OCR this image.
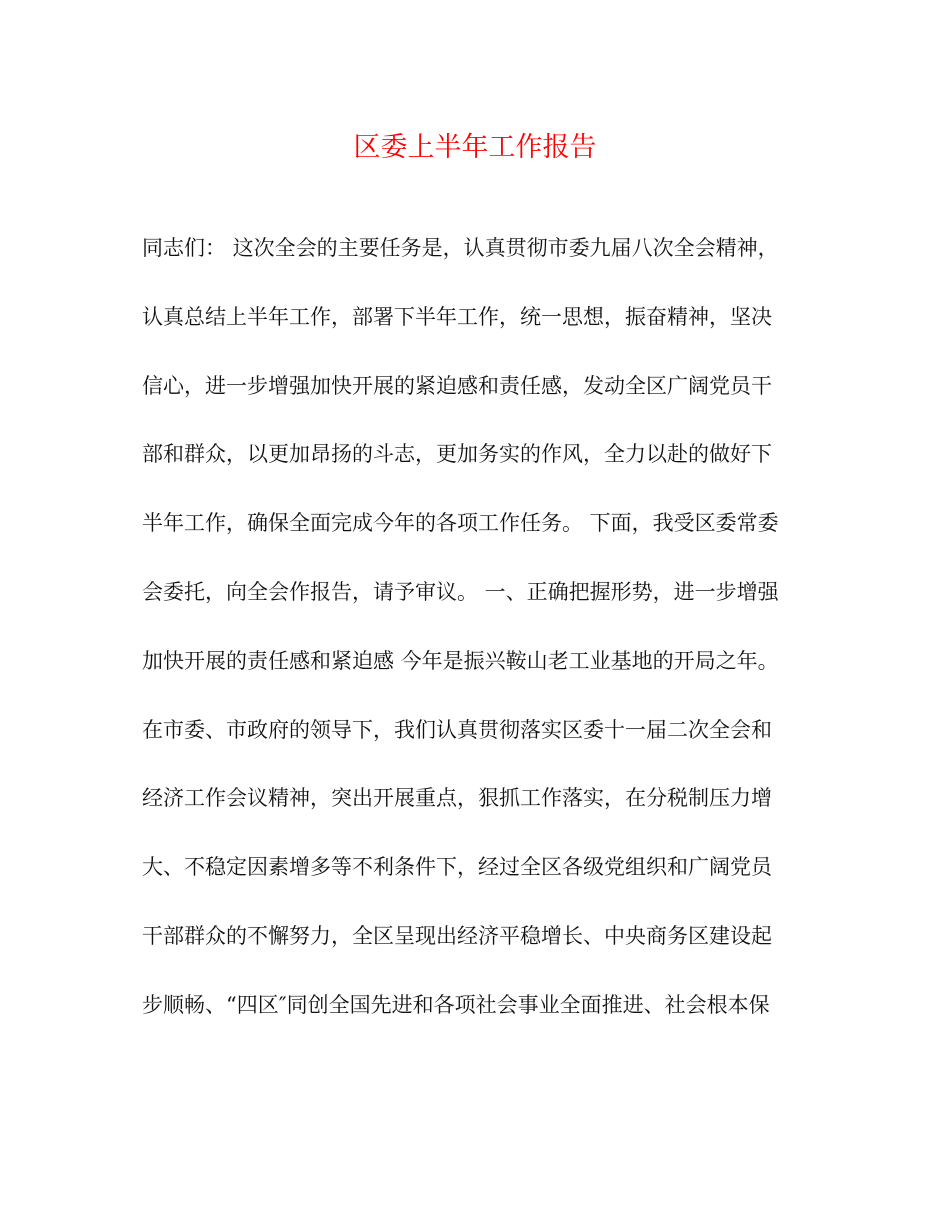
区委上半年工作报告
同志们： 这次全会的主要任务是，认真贯彻市委九届八次全会精神，
认真总结上半年工作，部署下半年工作，统一思想，振奋精神，坚决
信心，进一步增强加快开展的紧迫感和责任感，发动全区广阔党员干
部和群众，以更加昂扬的斗志，更加务实的作风，全力以赴的做好下
半年工作，确保全面完成今年的各项工作任务。 下面，我受区委常委
会委托，向全会作报告，请予审议。 一、正确把握形势，进一步增强
加快开展的责任感和紧迫感 今年是振兴鞍山老工业基地的开局之年。
在市委、市政府的领导下，我们认真贯彻落实区委十一届二次全会和
经济工作会议精神，突出开展重点，狠抓工作落实，在分税制压力增
大、不稳定因素增多等不利条件下，经过全区各级党组织和广阔党员
干部群众的不懈努力，全区呈现出经济平稳增长、中央商务区建设起
步顺畅、“四区″同创全国先进和各项社会事业全面推进、社会根本保
